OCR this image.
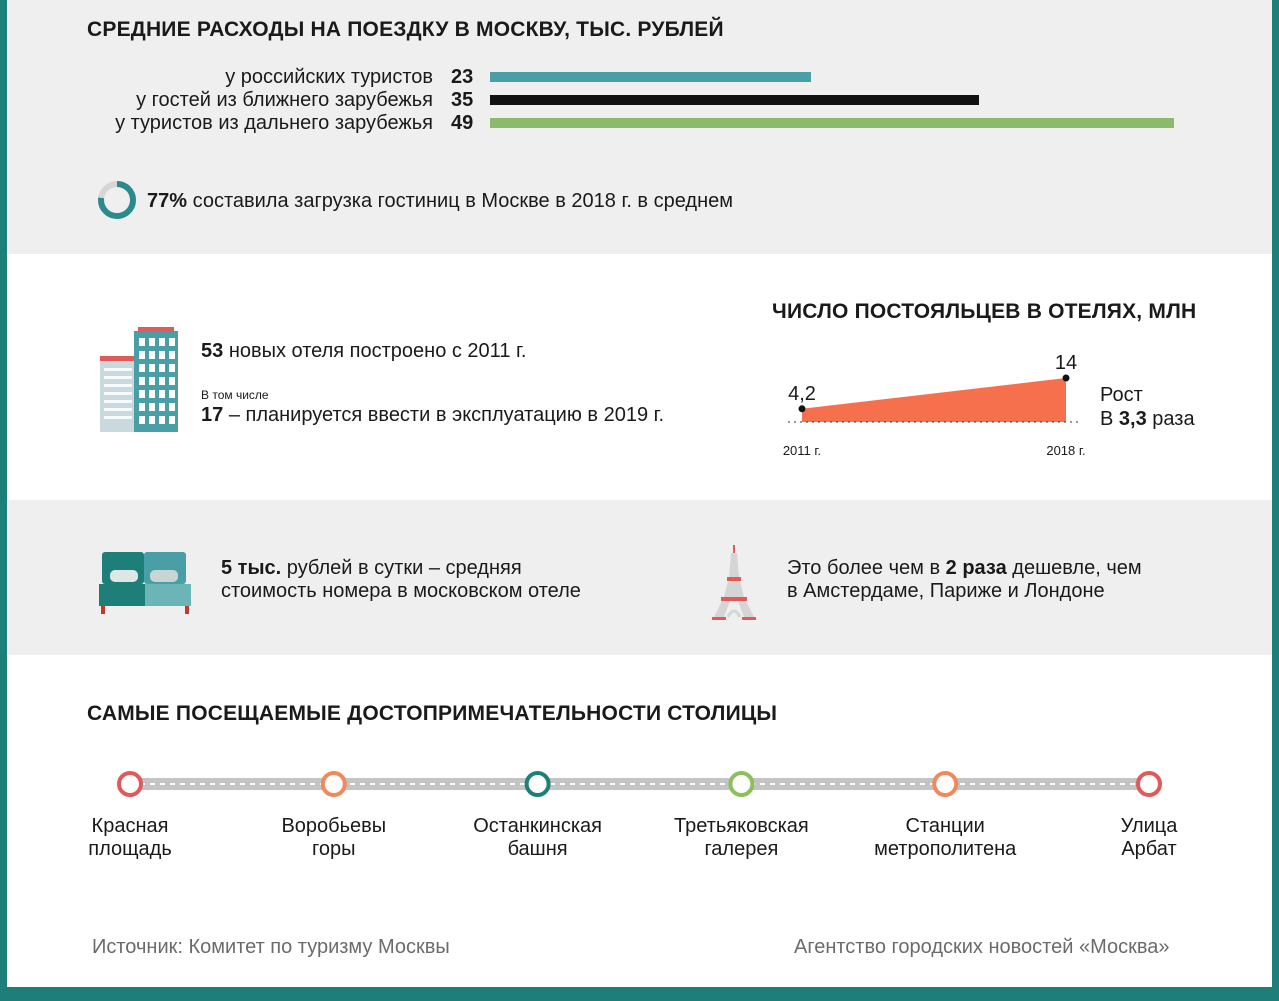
СРЕДНИЕ РАСХОДЫ НА ПОЕЗДКУ В МОСКВУ, ТЫС. РУБЛЕЙ
у российских туристов 23
у гостей из ближнего зарубежья 35
у туристов из дальнего зарубежья 49
77% составила загрузка гостиниц в Москве в 2018 г. в среднем
53 новых отеля построено с 2011 г.
В том числе
17 – планируется ввести в эксплуатацию в 2019 г.
ЧИСЛО ПОСТОЯЛЬЦЕВ В ОТЕЛЯХ, МЛН
4,2
14
2011 г.	2018 г.
Рост
В 3,3 раза
5 тыс. рублей в сутки – средняя
стоимость номера в московском отеле
Это более чем в 2 раза дешевле, чем
в Амстердаме, Париже и Лондоне
САМЫЕ ПОСЕЩАЕМЫЕ ДОСТОПРИМЕЧАТЕЛЬНОСТИ СТОЛИЦЫ
Красная
площадь
Воробьевы
горы
Останкинская
башня
Третьяковская
галерея
Станции
метрополитена
Улица
Арбат
Источник: Комитет по туризму Москвы	Агентство городских новостей «Москва»
